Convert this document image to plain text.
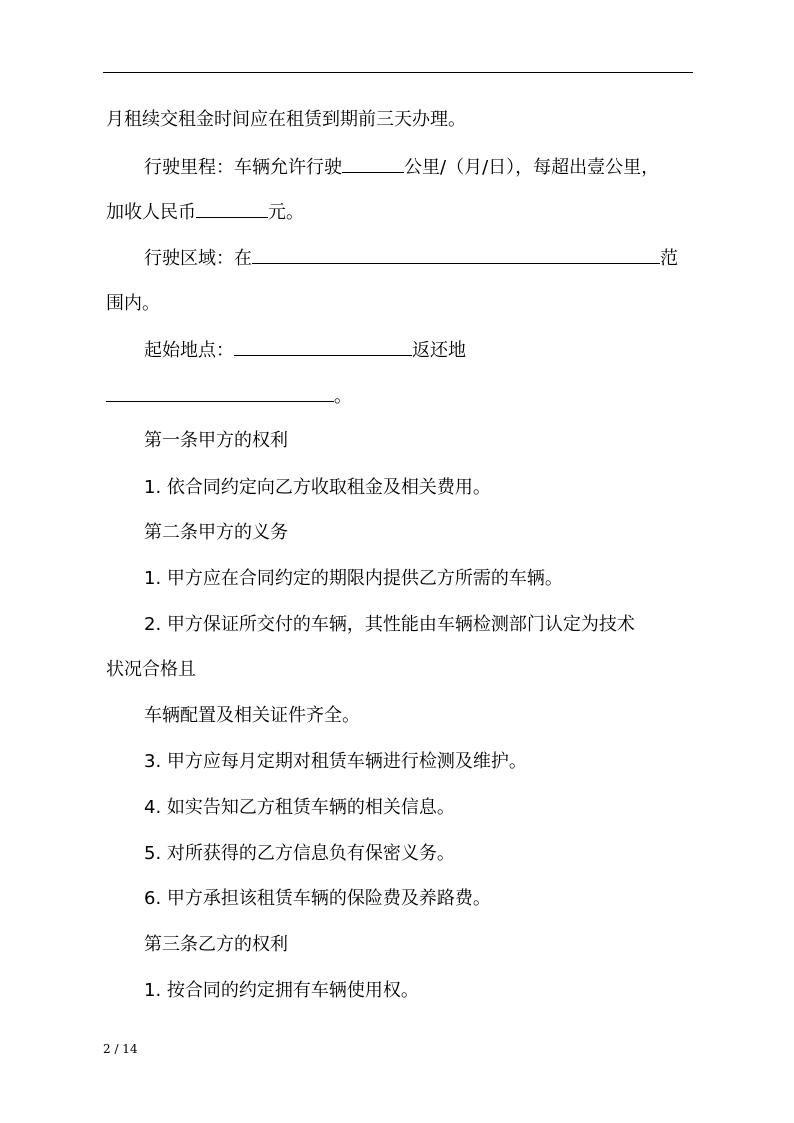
月租续交租金时间应在租赁到期前三天办理。
行驶里程：车辆允许行驶	公里/（月/日），每超出壹公里，
加收人民币	元。
行驶区域：在	范
围内。
起始地点：	返还地
。
第一条甲方的权利
1. 依合同约定向乙方收取租金及相关费用。
第二条甲方的义务
1. 甲方应在合同约定的期限内提供乙方所需的车辆。
2. 甲方保证所交付的车辆，其性能由车辆检测部门认定为技术
状况合格且
车辆配置及相关证件齐全。
3. 甲方应每月定期对租赁车辆进行检测及维护。
4. 如实告知乙方租赁车辆的相关信息。
5. 对所获得的乙方信息负有保密义务。
6. 甲方承担该租赁车辆的保险费及养路费。
第三条乙方的权利
1. 按合同的约定拥有车辆使用权。
2 / 14
